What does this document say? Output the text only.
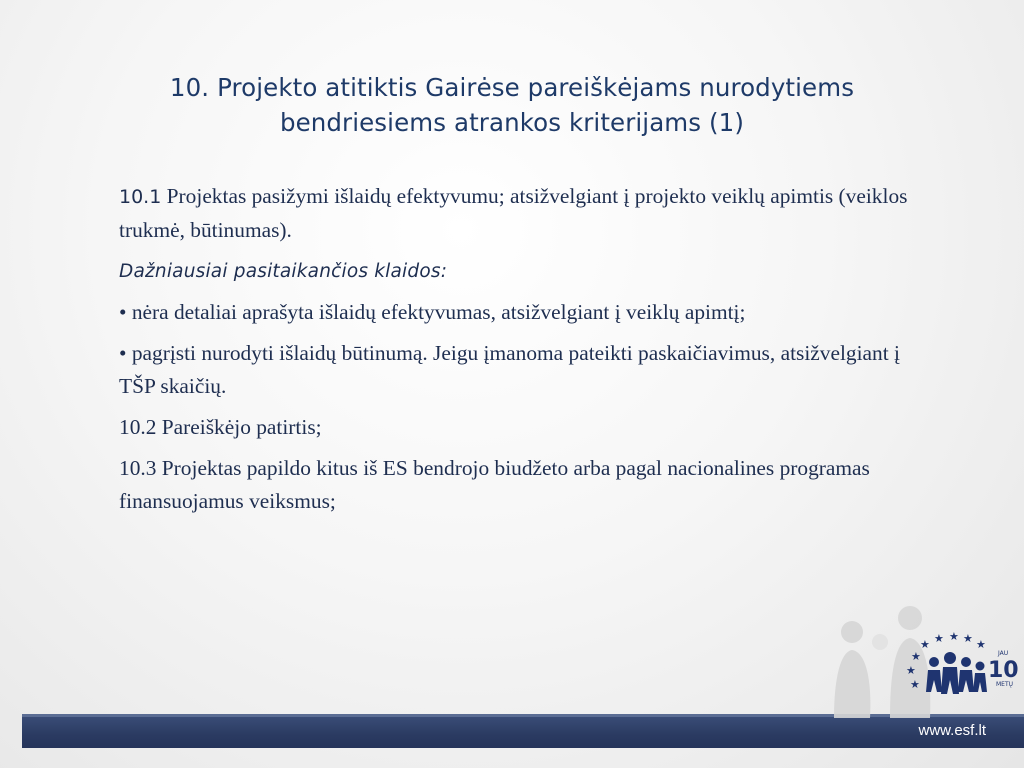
10. Projekto atitiktis Gairėse pareiškėjams nurodytiems
bendriesiems atrankos kriterijams (1)

10.1 Projektas pasižymi išlaidų efektyvumu; atsižvelgiant į projekto veiklų apimtis (veiklos trukmė, būtinumas).

Dažniausiai pasitaikančios klaidos:

• nėra detaliai aprašyta išlaidų efektyvumas, atsižvelgiant į veiklų apimtį;

• pagrįsti nurodyti išlaidų būtinumą. Jeigu įmanoma pateikti paskaičiavimus, atsižvelgiant į TŠP skaičių.

10.2 Pareiškėjo patirtis;

10.3 Projektas papildo kitus iš ES bendrojo biudžeto arba pagal nacionalines programas finansuojamus veiksmus;

www.esf.lt
★ ★ ★ ★ ★
★
★
★
JAU
10
METŲ
